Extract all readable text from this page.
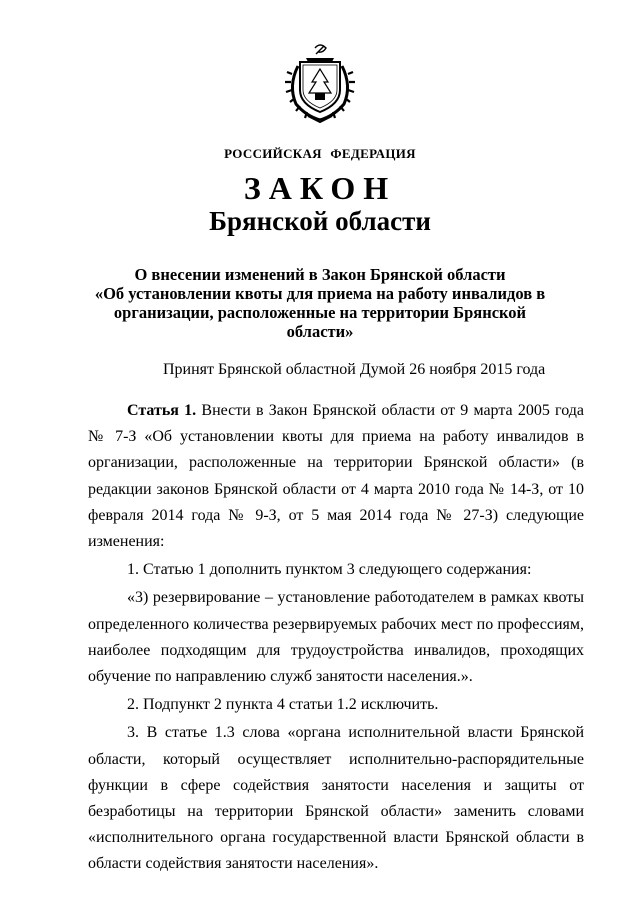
РОССИЙСКАЯ ФЕДЕРАЦИЯ
ЗАКОН
Брянской области
О внесении изменений в Закон Брянской области
«Об установлении квоты для приема на работу инвалидов в организации, расположенные на территории Брянской области»
Принят Брянской областной Думой 26 ноября 2015 года

Статья 1. Внести в Закон Брянской области от 9 марта 2005 года № 7-З «Об установлении квоты для приема на работу инвалидов в организации, расположенные на территории Брянской области» (в редакции законов Брянской области от 4 марта 2010 года № 14-З, от 10 февраля 2014 года № 9-З, от 5 мая 2014 года № 27-З) следующие изменения:

1. Статью 1 дополнить пунктом 3 следующего содержания:

«3) резервирование – установление работодателем в рамках квоты определенного количества резервируемых рабочих мест по профессиям, наиболее подходящим для трудоустройства инвалидов, проходящих обучение по направлению служб занятости населения.».

2. Подпункт 2 пункта 4 статьи 1.2 исключить.

3. В статье 1.3 слова «органа исполнительной власти Брянской области, который осуществляет исполнительно-распорядительные функции в сфере содействия занятости населения и защиты от безработицы на территории Брянской области» заменить словами «исполнительного органа государственной власти Брянской области в области содействия занятости населения».
